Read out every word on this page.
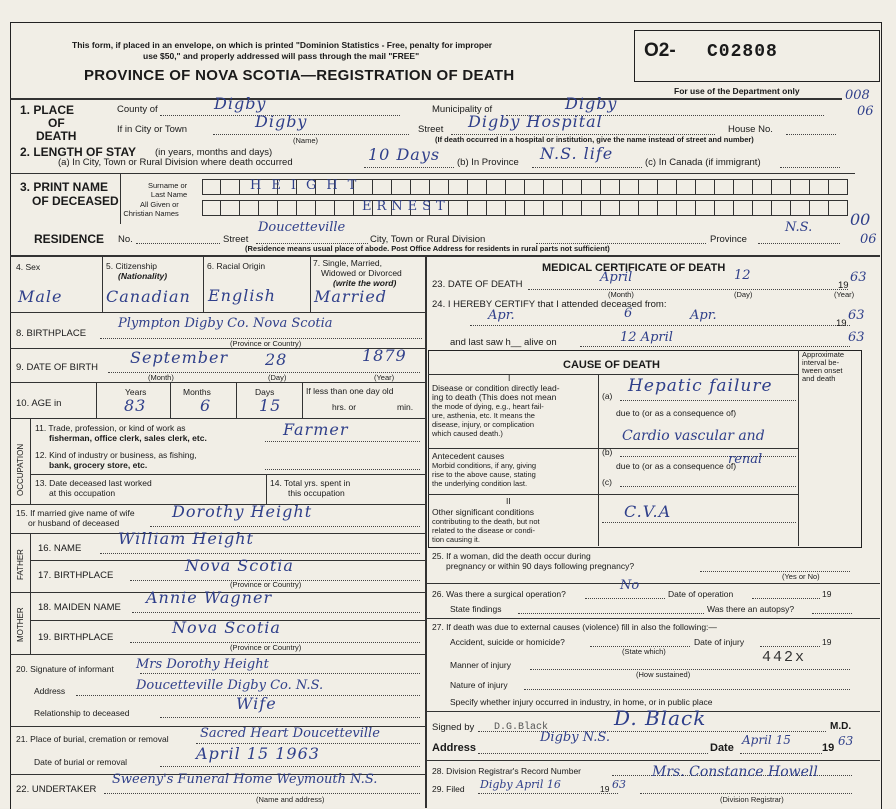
This form, if placed in an envelope, on which is printed "Dominion Statistics - Free, penalty for improper
use $50," and properly addressed will pass through the mail "FREE"
PROVINCE OF NOVA SCOTIA—REGISTRATION OF DEATH
O2- C02808
For use of the Department only	008
06
1. PLACE
OF
DEATH
County of	Digby	Municipality of	Digby
If in City or Town	Digby
(Name)
Street Digby Hospital	House No.
(If death occurred in a hospital or institution, give the name instead of street and number)
2. LENGTH OF STAY (in years, months and days)
(a) In City, Town or Rural Division where death occurred	10 Days (b) In Province N.S. life	(c) In Canada (if immigrant)
3. PRINT NAME
OF DECEASED
Surname or
Last Name
All Given or
Christian Names
HEIGHT
ERNEST
RESIDENCE No.	Street
Doucetteville
City, Town or Rural Division	Province
N.S. 00
06
(Residence means usual place of abode. Post Office Address for residents in rural parts not sufficient)
4. Sex	5. Citizenship
(Nationality)
6. Racial Origin	7. Single, Married,
Widowed or Divorced
(write the word)
Male	Canadian English Married
8. BIRTHPLACE
Plympton Digby Co. Nova Scotia
(Province or Country)
9. DATE OF BIRTH
September 28	1879
(Month)	(Day)	(Year)
10. AGE in
Years	Months	Days
83	6	15
If less than one day old
hrs. or	min.
OCCUPATION
11. Trade, profession, or kind of work as
fisherman, office clerk, sales clerk, etc.	Farmer
12. Kind of industry or business, as fishing,
bank, grocery store, etc.
13. Date deceased last worked
at this occupation
14. Total yrs. spent in
this occupation
15. If married give name of wife
or husband of deceased
Dorothy Height
FATHER
16. NAME
William Height
17. BIRTHPLACE
Nova Scotia
(Province or Country)
MOTHER 18. MAIDEN NAME
Annie Wagner
19. BIRTHPLACE
Nova Scotia
(Province or Country)
20. Signature of informant Mrs Dorothy Height
Address	Doucetteville Digby Co. N.S.
Relationship to deceased	Wife
21. Place of burial, cremation or removal Sacred Heart Doucetteville
Date of burial or removal	April 15 1963
22. UNDERTAKER
Sweeny's Funeral Home Weymouth N.S.
(Name and address)
MEDICAL CERTIFICATE OF DEATH
23. DATE OF DEATH	April	12
19
63
(Month)	(Day)	(Year)
24. I HEREBY CERTIFY that I attended deceased from:
Apr.	6	Apr.
19
63
and last saw h__ alive on	12 April	63
CAUSE OF DEATH
Approximate
interval be-
tween onset
and death
I
Disease or condition directly lead-
ing to death (This does not mean
the mode of dying, e.g., heart fail-
ure, asthenia, etc. It means the
disease, injury, or complication
which caused death.)
(a) Hepatic failure
due to (or as a consequence of)
Antecedent causes
Morbid conditions, if any, giving
rise to the above cause, stating
the underlying condition last.
(b)
Cardio vascular and
due to (or as a consequence of)
renal
(c)
II
Other significant conditions
contributing to the death, but not
related to the disease or condi-
tion causing it.
C.V.A
25. If a woman, did the death occur during
pregnancy or within 90 days following pregnancy?
(Yes or No)
26. Was there a surgical operation?
No
Date of operation	19
State findings	Was there an autopsy?
27. If death was due to external causes (violence) fill in also the following:—
Accident, suicide or homicide?	Date of injury	19
(State which)
Manner of injury	442x
(How sustained)
Nature of injury
Specify whether injury occurred in industry, in home, or in public place
Signed by D.G.Black	D. Black	M.D.
Address
Digby N.S.
Date
April 15
19 63
28. Division Registrar's Record Number
29. Filed Digby April 16	19 63
Mrs. Constance Howell
(Division Registrar)
